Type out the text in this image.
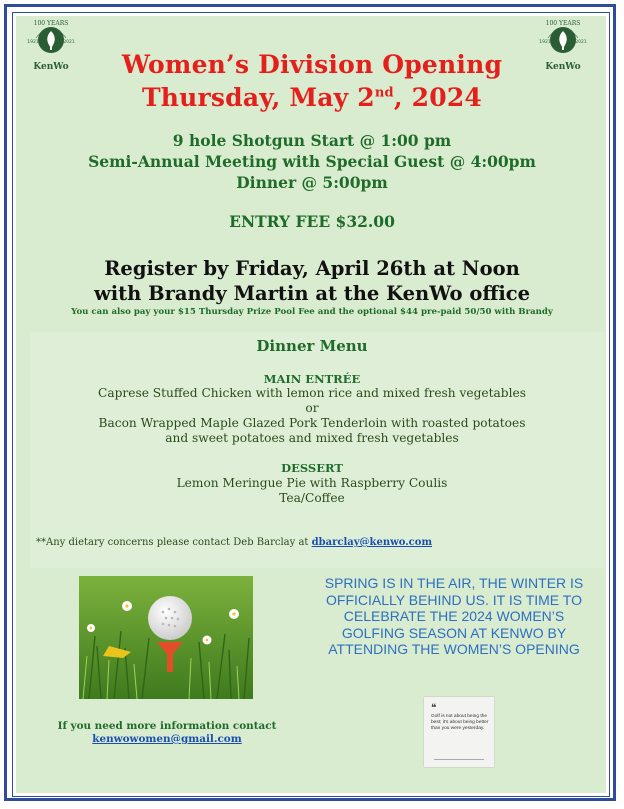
100 YEARS
1921	2021
KenWo
100 YEARS
1921	2021
KenWo
Women’s Division Opening
Thursday, May 2nd, 2024
9 hole Shotgun Start @ 1:00 pm
Semi-Annual Meeting with Special Guest @ 4:00pm
Dinner @ 5:00pm
ENTRY FEE $32.00
Register by Friday, April 26th at Noon
with Brandy Martin at the KenWo office
You can also pay your $15 Thursday Prize Pool Fee and the optional $44 pre-paid 50/50 with Brandy
Dinner Menu
MAIN ENTRÉE
Caprese Stuffed Chicken with lemon rice and mixed fresh vegetables
or
Bacon Wrapped Maple Glazed Pork Tenderloin with roasted potatoes
and sweet potatoes and mixed fresh vegetables
DESSERT
Lemon Meringue Pie with Raspberry Coulis
Tea/Coffee
**Any dietary concerns please contact Deb Barclay at dbarclay@kenwo.com
SPRING IS IN THE AIR, THE WINTER IS OFFICIALLY BEHIND US. IT IS TIME TO CELEBRATE THE 2024 WOMEN’S GOLFING SEASON AT KENWO BY ATTENDING THE WOMEN’S OPENING
If you need more information contact
kenwowomen@gmail.com
❝
Golf is not about being the best; it's about being better than you were yesterday.
